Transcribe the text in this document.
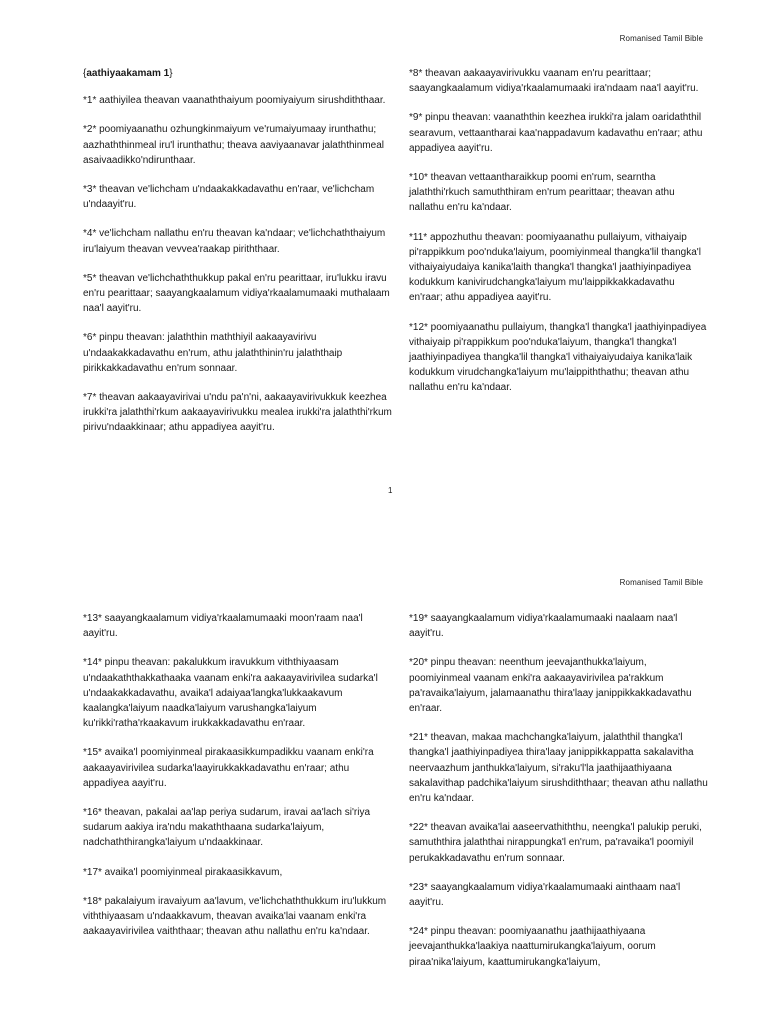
Romanised Tamil Bible
{aathiyaakamam 1}

*1* aathiyilea theavan vaanaththaiyum poomiyaiyum sirushdiththaar.

*2* poomiyaanathu ozhungkinmaiyum ve'rumaiyumaay irunthathu; aazhaththinmeal iru'l irunthathu; theava aaviyaanavar jalaththinmeal asaivaadikko'ndirunthaar.

*3* theavan ve'lichcham u'ndaakakkadavathu en'raar, ve'lichcham u'ndaayit'ru.

*4* ve'lichcham nallathu en'ru theavan ka'ndaar; ve'lichchaththaiyum iru'laiyum theavan vevvea'raakap piriththaar.

*5* theavan ve'lichchaththukkup pakal en'ru pearittaar, iru'lukku iravu en'ru pearittaar; saayangkaalamum vidiya'rkaalamumaaki muthalaam naa'l aayit'ru.

*6* pinpu theavan: jalaththin maththiyil aakaayavirivu u'ndaakakkadavathu en'rum, athu jalaththinin'ru jalaththaip pirikkakkadavathu en'rum sonnaar.

*7* theavan aakaayavirivai u'ndu pa'n'ni, aakaayavirivukkuk keezhea irukki'ra jalaththi'rkum aakaayavirivukku mealea irukki'ra jalaththi'rkum pirivu'ndaakkinaar; athu appadiyea aayit'ru.

*8* theavan aakaayavirivukku vaanam en'ru pearittaar; saayangkaalamum vidiya'rkaalamumaaki ira'ndaam naa'l aayit'ru.

*9* pinpu theavan: vaanaththin keezhea irukki'ra jalam oaridaththil searavum, vettaantharai kaa'nappadavum kadavathu en'raar; athu appadiyea aayit'ru.

*10* theavan vettaantharaikkup poomi en'rum, searntha jalaththi'rkuch samuththiram en'rum pearittaar; theavan athu nallathu en'ru ka'ndaar.

*11* appozhuthu theavan: poomiyaanathu pullaiyum, vithaiyaip pi'rappikkum poo'nduka'laiyum, poomiyinmeal thangka'lil thangka'l vithaiyaiyudaiya kanika'laith thangka'l thangka'l jaathiyinpadiyea kodukkum kanivirudchangka'laiyum mu'laippikkakkadavathu en'raar; athu appadiyea aayit'ru.

*12* poomiyaanathu pullaiyum, thangka'l thangka'l jaathiyinpadiyea vithaiyaip pi'rappikkum poo'nduka'laiyum, thangka'l thangka'l jaathiyinpadiyea thangka'lil thangka'l vithaiyaiyudaiya kanika'laik kodukkum virudchangka'laiyum mu'laippiththathu; theavan athu nallathu en'ru ka'ndaar.

1
Romanised Tamil Bible

*13* saayangkaalamum vidiya'rkaalamumaaki moon'raam naa'l aayit'ru.

*14* pinpu theavan: pakalukkum iravukkum viththiyaasam u'ndaakaththakkathaaka vaanam enki'ra aakaayavirivilea sudarka'l u'ndaakakkadavathu, avaika'l adaiyaa'langka'lukkaakavum kaalangka'laiyum naadka'laiyum varushangka'laiyum ku'rikki'ratha'rkaakavum irukkakkadavathu en'raar.

*15* avaika'l poomiyinmeal pirakaasikkumpadikku vaanam enki'ra aakaayavirivilea sudarka'laayirukkakkadavathu en'raar; athu appadiyea aayit'ru.

*16* theavan, pakalai aa'lap periya sudarum, iravai aa'lach si'riya sudarum aakiya ira'ndu makaththaana sudarka'laiyum, nadchaththirangka'laiyum u'ndaakkinaar.

*17* avaika'l poomiyinmeal pirakaasikkavum,

*18* pakalaiyum iravaiyum aa'lavum, ve'lichchaththukkum iru'lukkum viththiyaasam u'ndaakkavum, theavan avaika'lai vaanam enki'ra aakaayavirivilea vaiththaar; theavan athu nallathu en'ru ka'ndaar.

*19* saayangkaalamum vidiya'rkaalamumaaki naalaam naa'l aayit'ru.

*20* pinpu theavan: neenthum jeevajanthukka'laiyum, poomiyinmeal vaanam enki'ra aakaayavirivilea pa'rakkum pa'ravaika'laiyum, jalamaanathu thira'laay janippikkakkadavathu en'raar.

*21* theavan, makaa machchangka'laiyum, jalaththil thangka'l thangka'l jaathiyinpadiyea thira'laay janippikkappatta sakalavitha neervaazhum janthukka'laiyum, si'raku'l'la jaathijaathiyaana sakalavithap padchika'laiyum sirushdiththaar; theavan athu nallathu en'ru ka'ndaar.

*22* theavan avaika'lai aaseervathiththu, neengka'l palukip peruki, samuththira jalaththai nirappungka'l en'rum, pa'ravaika'l poomiyil perukakkadavathu en'rum sonnaar.

*23* saayangkaalamum vidiya'rkaalamumaaki ainthaam naa'l aayit'ru.

*24* pinpu theavan: poomiyaanathu jaathijaathiyaana jeevajanthukka'laakiya naattumirukangka'laiyum, oorum piraa'nika'laiyum, kaattumirukangka'laiyum,
